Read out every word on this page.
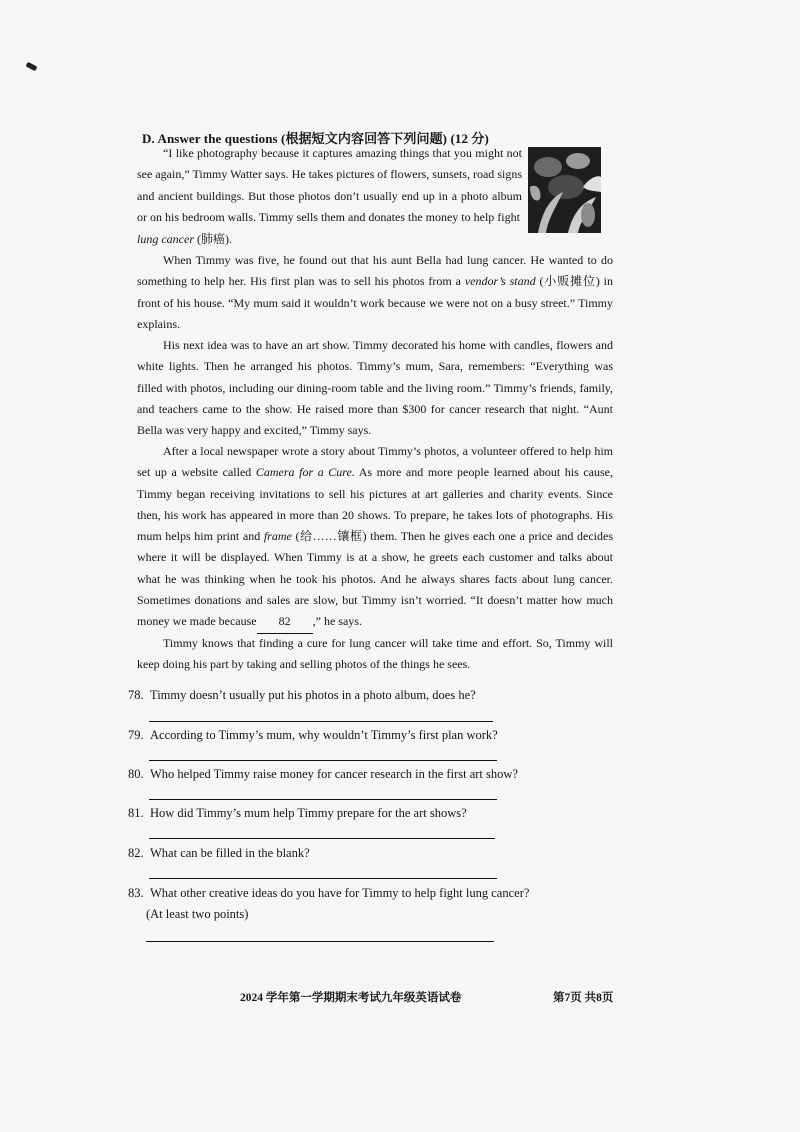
D. Answer the questions (根据短文内容回答下列问题) (12 分)

“I like photography because it captures amazing things that you might not see again,” Timmy Watter says. He takes pictures of flowers, sunsets, road signs and ancient buildings. But those photos don’t usually end up in a photo album or on his bedroom walls. Timmy sells them and donates the money to help fight

lung cancer (肺癌).

When Timmy was five, he found out that his aunt Bella had lung cancer. He wanted to do something to help her. His first plan was to sell his photos from a vendor’s stand (小贩摊位) in front of his house. “My mum said it wouldn’t work because we were not on a busy street.” Timmy explains.

His next idea was to have an art show. Timmy decorated his home with candles, flowers and white lights. Then he arranged his photos. Timmy’s mum, Sara, remembers: “Everything was filled with photos, including our dining-room table and the living room.” Timmy’s friends, family, and teachers came to the show. He raised more than $300 for cancer research that night. “Aunt Bella was very happy and excited,” Timmy says.

After a local newspaper wrote a story about Timmy’s photos, a volunteer offered to help him set up a website called Camera for a Cure. As more and more people learned about his cause, Timmy began receiving invitations to sell his pictures at art galleries and charity events. Since then, his work has appeared in more than 20 shows. To prepare, he takes lots of photographs. His mum helps him print and frame (给……镶框) them. Then he gives each one a price and decides where it will be displayed. When Timmy is at a show, he greets each customer and talks about what he was thinking when he took his photos. And he always shares facts about lung cancer. Sometimes donations and sales are slow, but Timmy isn’t worried. “It doesn’t matter how much money we made because 82 ,” he says.

Timmy knows that finding a cure for lung cancer will take time and effort. So, Timmy will keep doing his part by taking and selling photos of the things he sees.

78. Timmy doesn’t usually put his photos in a photo album, does he?
79. According to Timmy’s mum, why wouldn’t Timmy’s first plan work?
80. Who helped Timmy raise money for cancer research in the first art show?
81. How did Timmy’s mum help Timmy prepare for the art shows?
82. What can be filled in the blank?
83. What other creative ideas do you have for Timmy to help fight lung cancer?
(At least two points)
2024 学年第一学期期末考试九年级英语试卷	第7页 共8页
